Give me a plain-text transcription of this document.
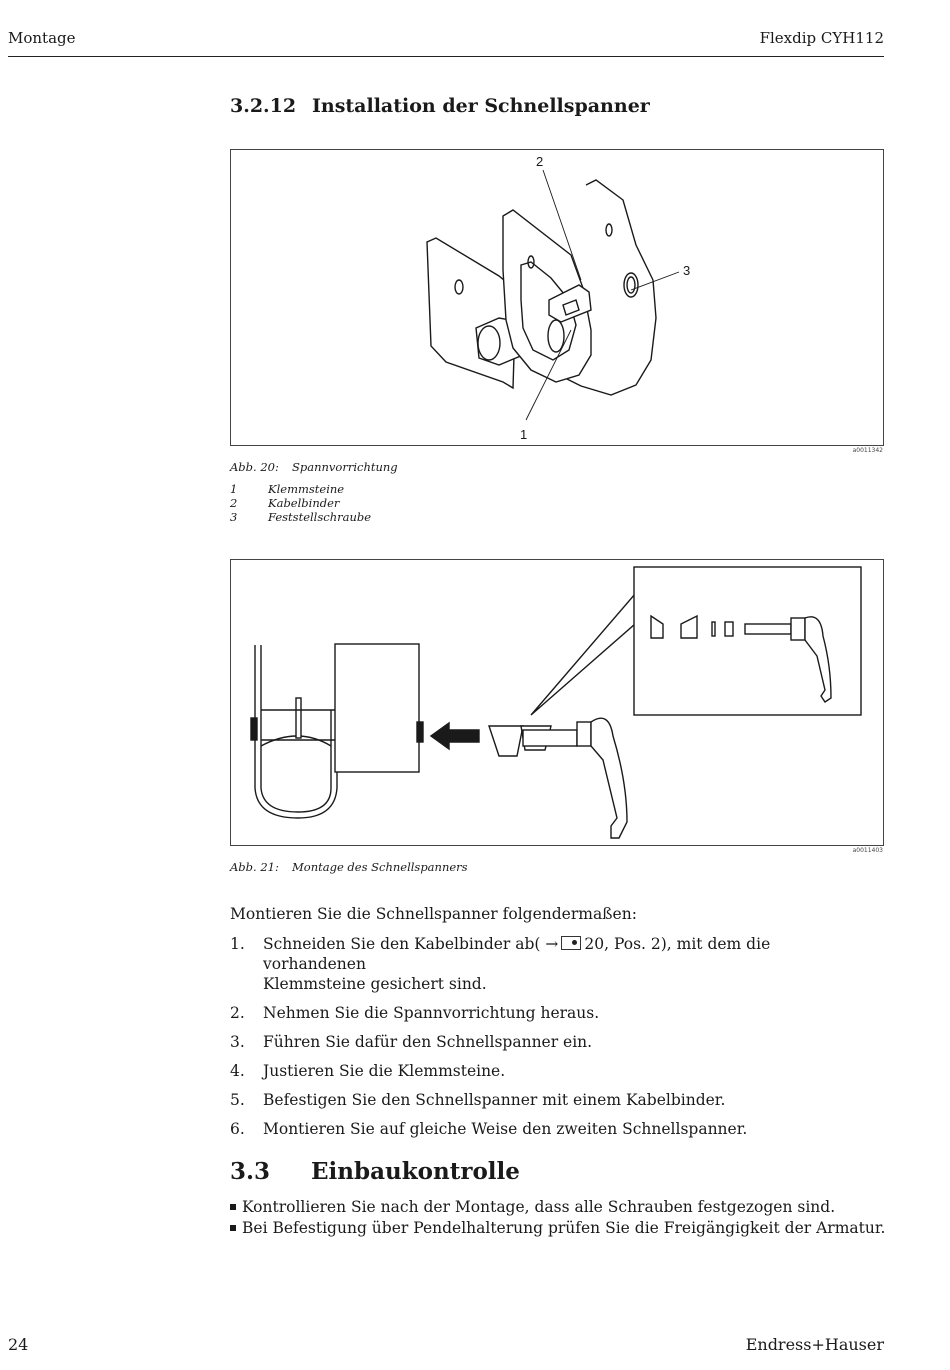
Montage	Flexdip CYH112
3.2.12 Installation der Schnellspanner
2
3
1
a0011342
Abb. 20: Spannvorrichtung
1	Klemmsteine
2	Kabelbinder
3	Feststellschraube
a0011403
Abb. 21: Montage des Schnellspanners
Montieren Sie die Schnellspanner folgendermaßen:
1.	Schneiden Sie den Kabelbinder ab( → 20, Pos. 2), mit dem die vorhandenen
Klemmsteine gesichert sind.
2.	Nehmen Sie die Spannvorrichtung heraus.
3.	Führen Sie dafür den Schnellspanner ein.
4.	Justieren Sie die Klemmsteine.
5.	Befestigen Sie den Schnellspanner mit einem Kabelbinder.
6.	Montieren Sie auf gleiche Weise den zweiten Schnellspanner.
3.3 Einbaukontrolle
Kontrollieren Sie nach der Montage, dass alle Schrauben festgezogen sind.
Bei Befestigung über Pendelhalterung prüfen Sie die Freigängigkeit der Armatur.
24	Endress+Hauser
